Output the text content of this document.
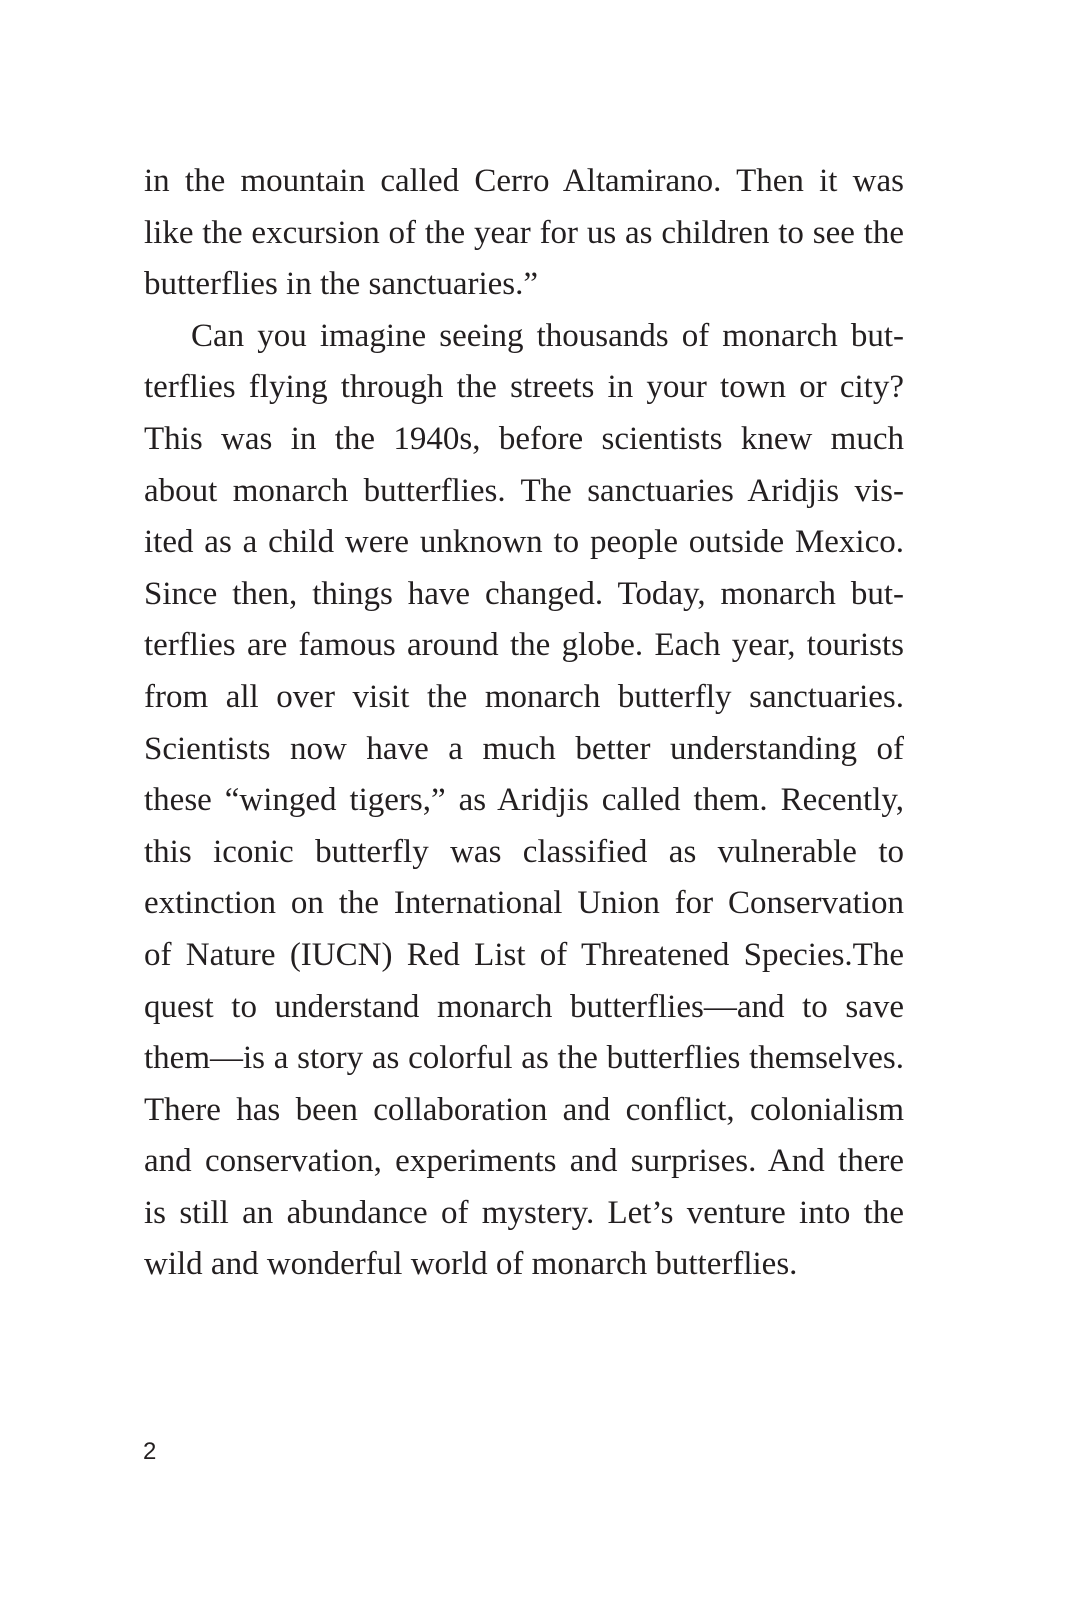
in the mountain called Cerro Altamirano. Then it was
like the excursion of the year for us as children to see the
butterflies in the sanctuaries.”
Can you imagine seeing thousands of monarch but-
terflies flying through the streets in your town or city?
This was in the 1940s, before scientists knew much
about monarch butterflies. The sanctuaries Aridjis vis-
ited as a child were unknown to people outside Mexico.
Since then, things have changed. Today, monarch but-
terflies are famous around the globe. Each year, tourists
from all over visit the monarch butterfly sanctuaries.
Scientists now have a much better understanding of
these “winged tigers,” as Aridjis called them. Recently,
this iconic butterfly was classified as vulnerable to
extinction on the International Union for Conservation
of Nature (IUCN) Red List of Threatened Species.The
quest to understand monarch butterflies—and to save
them—is a story as colorful as the butterflies themselves.
There has been collaboration and conflict, colonialism
and conservation, experiments and surprises. And there
is still an abundance of mystery. Let’s venture into the
wild and wonderful world of monarch butterflies.
2
